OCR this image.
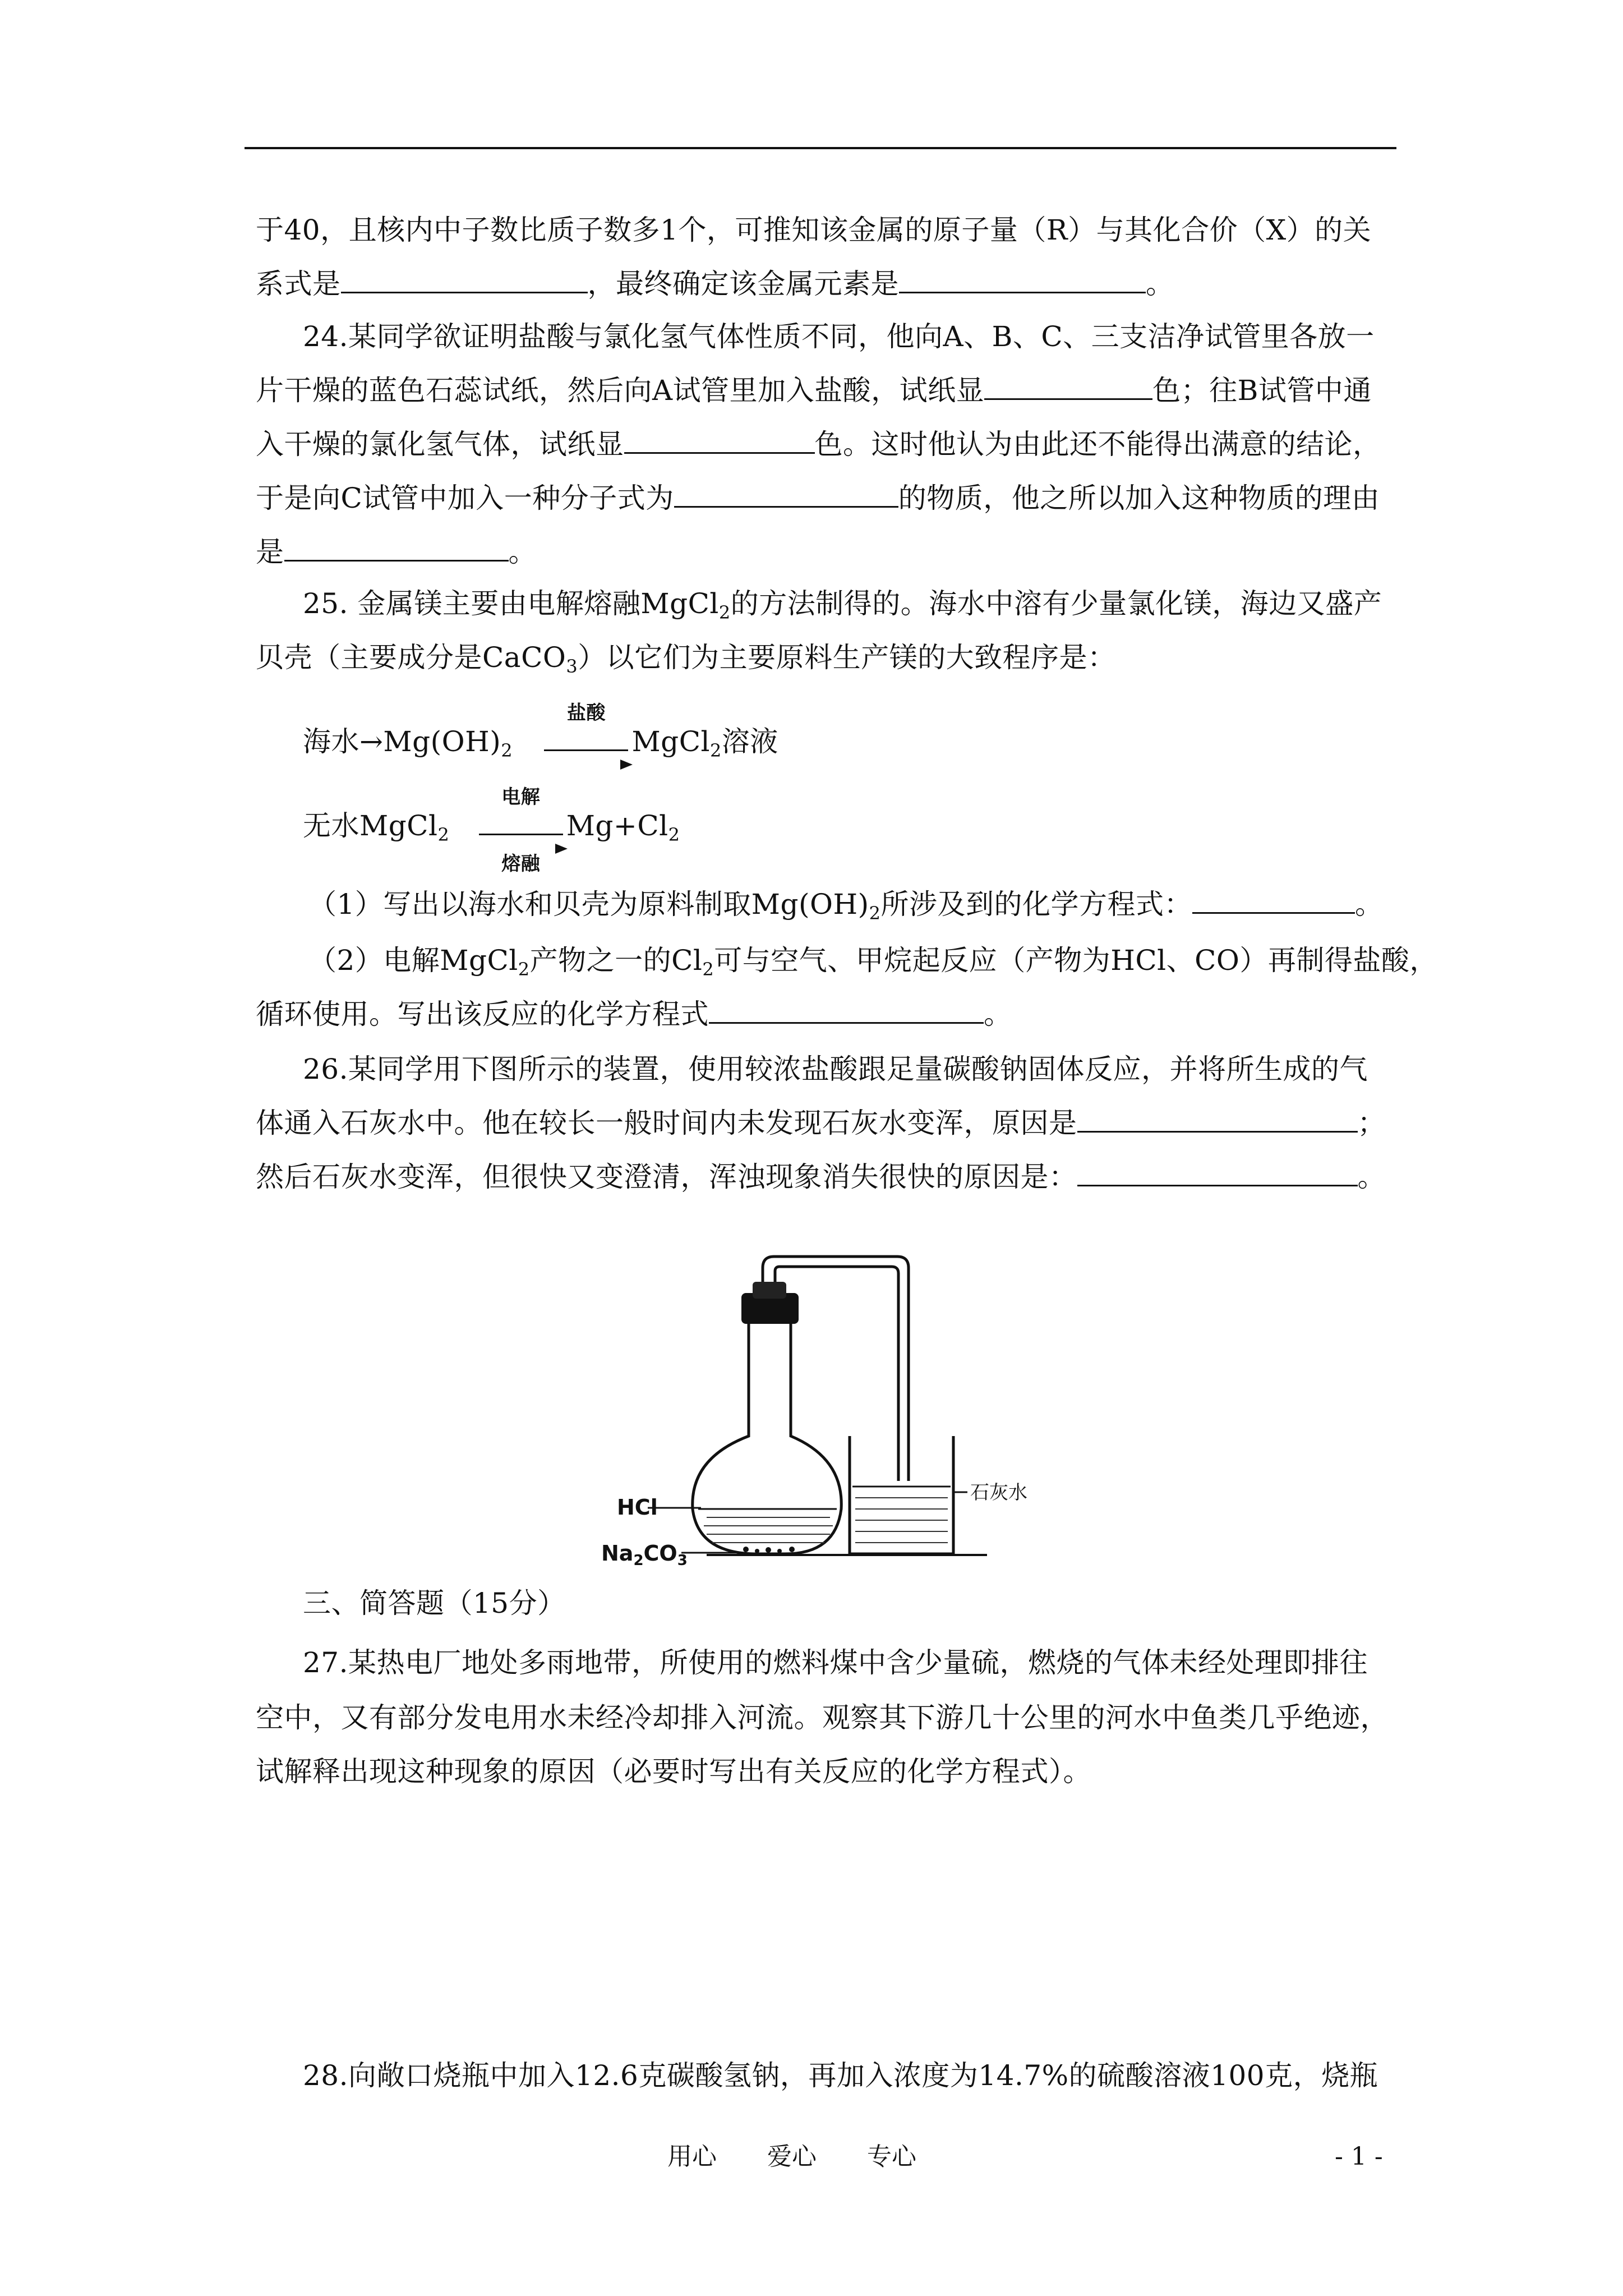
于40，且核内中子数比质子数多1个，可推知该金属的原子量（R）与其化合价（X）的关
系式是	，最终确定该金属元素是	。
24.某同学欲证明盐酸与氯化氢气体性质不同，他向A、B、C、三支洁净试管里各放一
片干燥的蓝色石蕊试纸，然后向A试管里加入盐酸，试纸显	色；往B试管中通
入干燥的氯化氢气体，试纸显	色。这时他认为由此还不能得出满意的结论，
于是向C试管中加入一种分子式为	的物质，他之所以加入这种物质的理由
是	。
25. 金属镁主要由电解熔融MgCl$_2$的方法制得的。海水中溶有少量氯化镁，海边又盛产
贝壳（主要成分是CaCO$_3$）以它们为主要原料生产镁的大致程序是：
海水$\to Mg(OH)_2$
盐酸
MgCl$_2$溶液
无水MgCl$_2$
电解
熔融
$Mg+Cl_2$
（1）写出以海水和贝壳为原料制取$Mg(OH)_2$所涉及到的化学方程式：	。
（2）电解MgCl$_2$产物之一的$Cl_2$可与空气、甲烷起反应（产物为HCl、CO）再制得盐酸，
循环使用。写出该反应的化学方程式	。
26.某同学用下图所示的装置，使用较浓盐酸跟足量碳酸钠固体反应，并将所生成的气
体通入石灰水中。他在较长一般时间内未发现石灰水变浑，原因是	；
然后石灰水变浑，但很快又变澄清，浑浊现象消失很快的原因是：	。
HCl
$Na_2CO_3$
石灰水
三、简答题（15分）
27.某热电厂地处多雨地带，所使用的燃料煤中含少量硫，燃烧的气体未经处理即排往
空中，又有部分发电用水未经冷却排入河流。观察其下游几十公里的河水中鱼类几乎绝迹，
试解释出现这种现象的原因（必要时写出有关反应的化学方程式）。
28.向敞口烧瓶中加入12.6克碳酸氢钠，再加入浓度为14.7%的硫酸溶液100克，烧瓶
用心 爱心 专心	- 1 -
